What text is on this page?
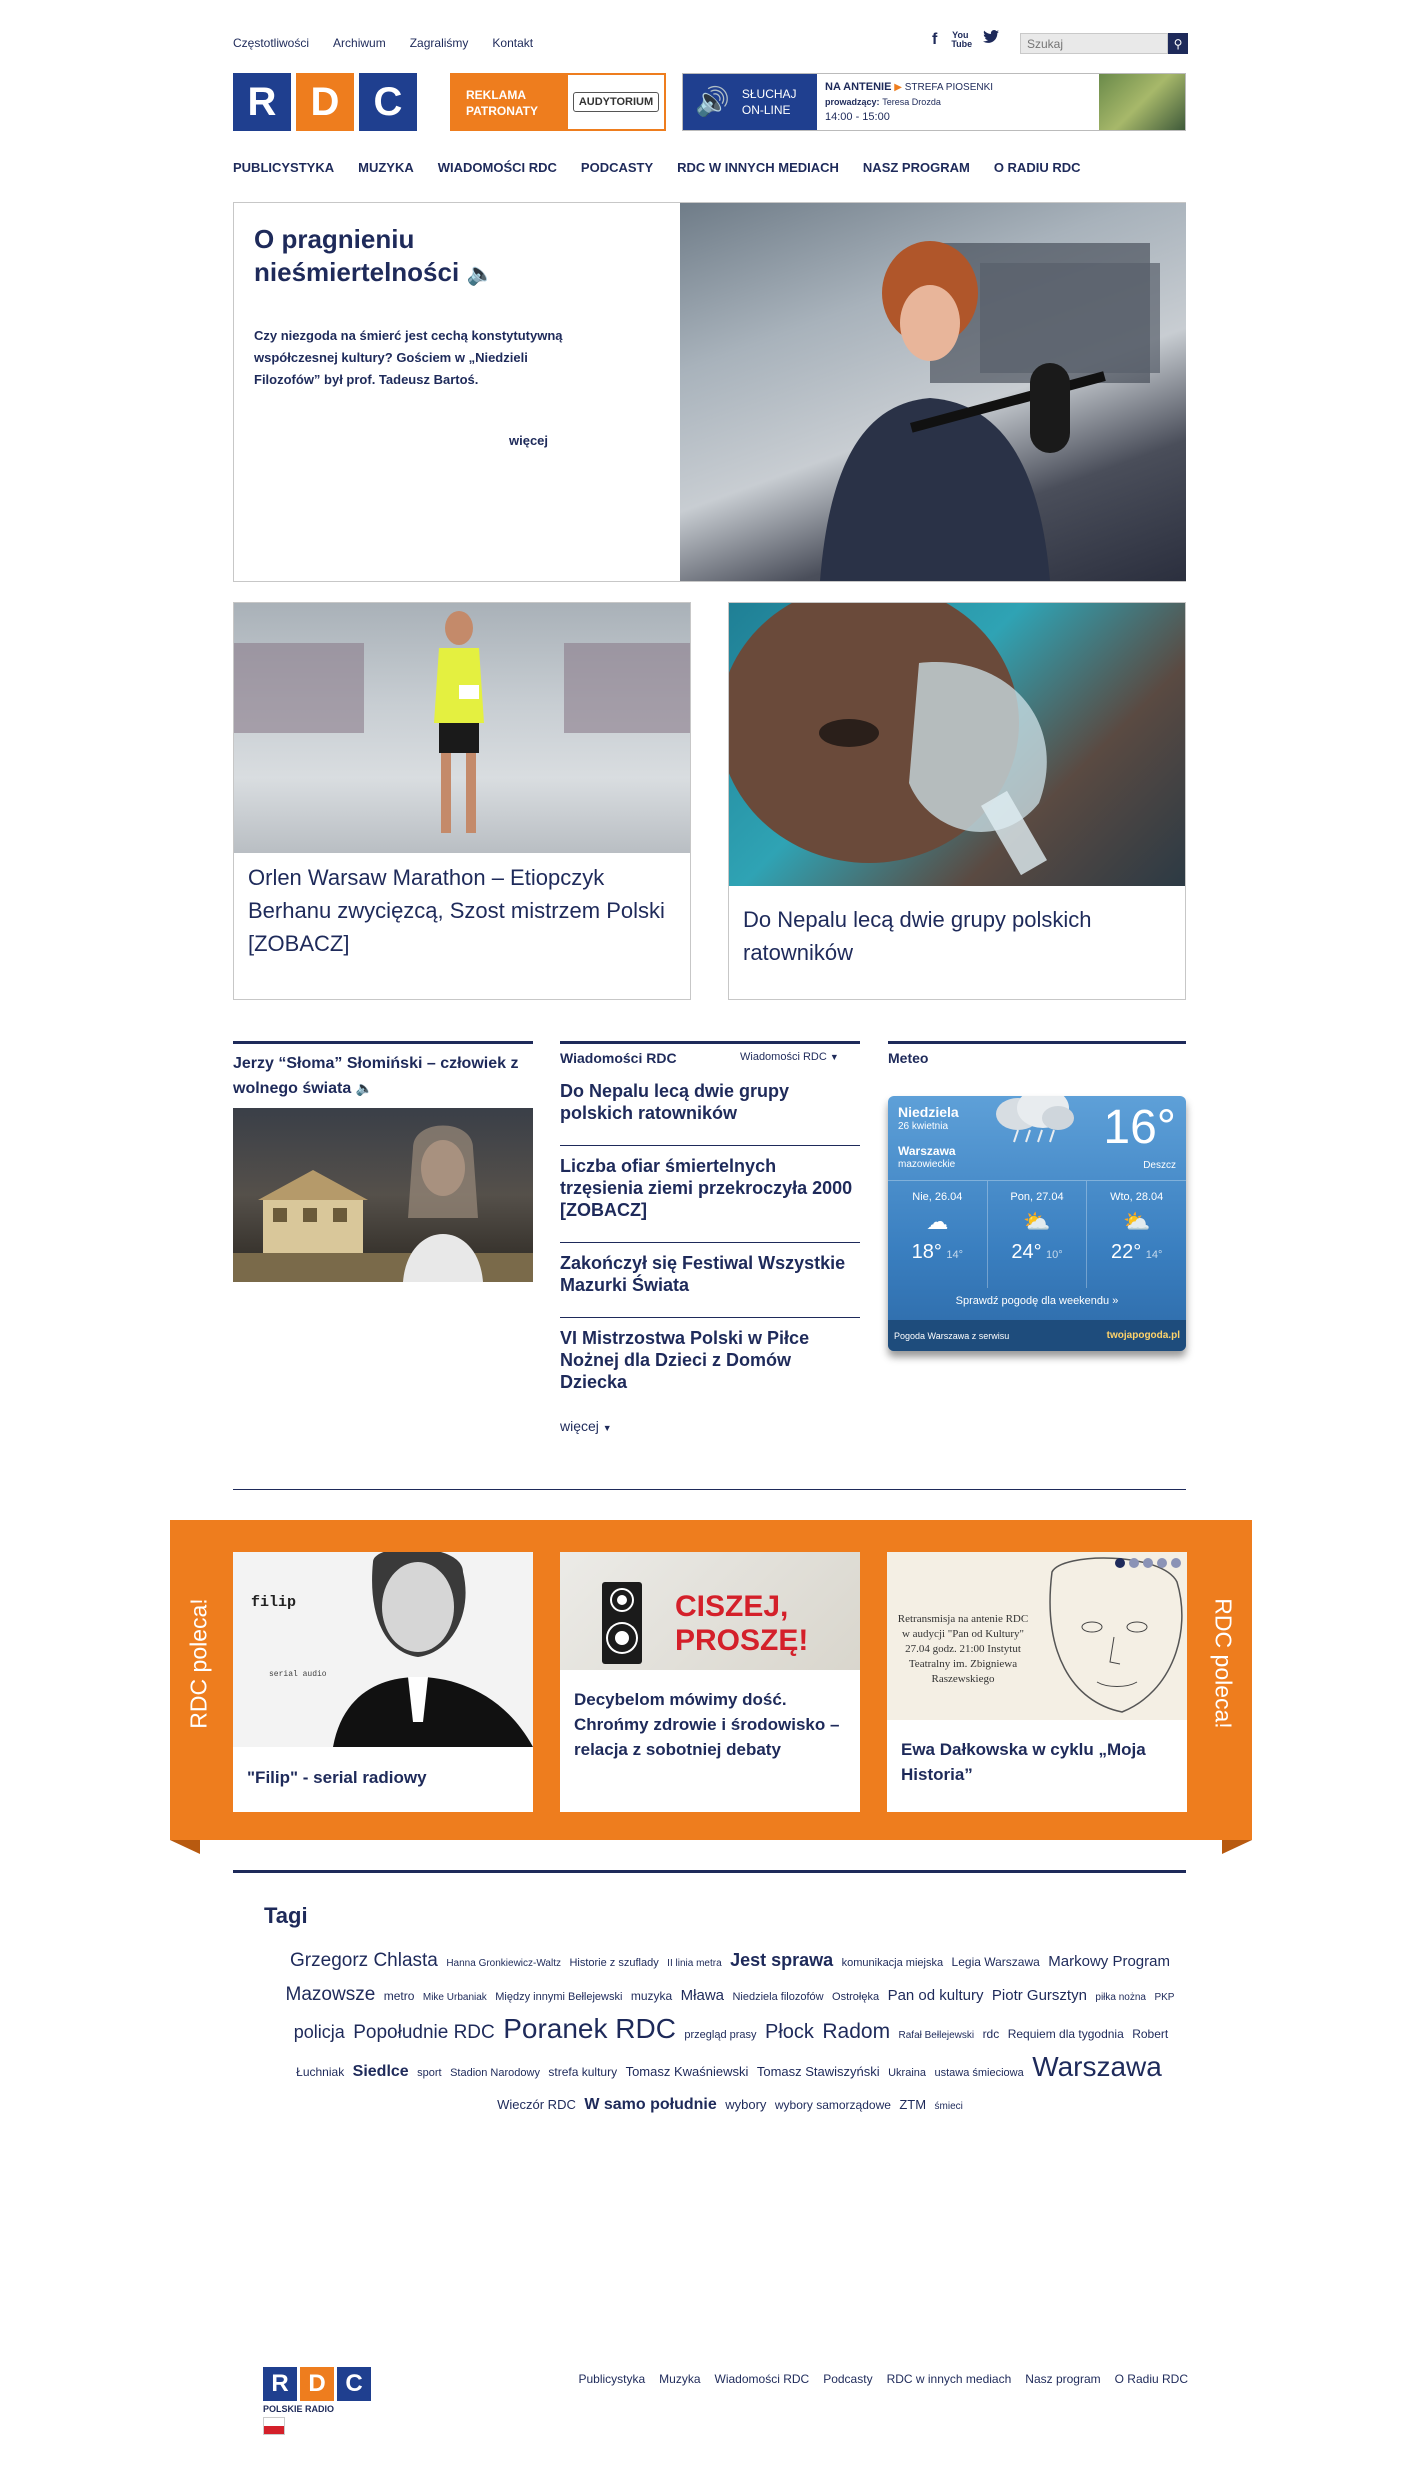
Częstotliwości Archiwum Zagraliśmy Kontakt	f You Tube
Szukaj	⚲
R D C	REKLAMA
PATRONATY
AUDYTORIUM 🔊 SŁUCHAJ
ON-LINE
NA ANTENIE ▶ STREFA PIOSENKI
prowadzący: Teresa Drozda
14:00 - 15:00
PUBLICYSTYKA MUZYKA WIADOMOŚCI RDC PODCASTY RDC W INNYCH MEDIACH NASZ PROGRAM O RADIU RDC
O pragnieniu nieśmiertelności 🔈

Czy niezgoda na śmierć jest cechą konstytutywną współczesnej kultury? Gościem w „Niedzieli Filozofów” był prof. Tadeusz Bartoś.

więcej
Orlen Warsaw Marathon – Etiopczyk Berhanu zwycięzcą, Szost mistrzem Polski [ZOBACZ]
Do Nepalu lecą dwie grupy polskich ratowników
Jerzy “Słoma” Słomiński – człowiek z wolnego świata 🔈
Wiadomości RDC	Wiadomości RDC ▼
Do Nepalu lecą dwie grupy polskich ratowników
Liczba ofiar śmiertelnych trzęsienia ziemi przekroczyła 2000 [ZOBACZ]
Zakończył się Festiwal Wszystkie Mazurki Świata
VI Mistrzostwa Polski w Piłce Nożnej dla Dzieci z Domów Dziecka
więcej ▼
Meteo
Niedziela
26 kwietnia
Warszawa
mazowieckie
16°
Deszcz
Nie, 26.04
☁
18° 14°
Pon, 27.04
⛅
24° 10°
Wto, 28.04
⛅
22° 14°
Sprawdź pogodę dla weekendu »
Pogoda Warszawa z serwisu	twojapogoda.pl
RDC poleca!	RDC poleca!
filip
serial audio
"Filip" - serial radiowy
CISZEJ, PROSZĘ!
Decybelom mówimy dość. Chrońmy zdrowie i środowisko – relacja z sobotniej debaty
Retransmisja na antenie RDC w audycji "Pan od Kultury" 27.04 godz. 21:00 Instytut Teatralny im. Zbigniewa Raszewskiego
Ewa Dałkowska w cyklu „Moja Historia”
Tagi
Grzegorz Chlasta Hanna Gronkiewicz-Waltz Historie z szuflady II linia metra Jest sprawa komunikacja miejska Legia Warszawa Markowy Program Mazowsze metro Mike Urbaniak Między innymi Bełlejewski muzyka Mława Niedziela filozofów Ostrołęka Pan od kultury Piotr Gursztyn piłka nożna PKP policja Popołudnie RDC Poranek RDC przegląd prasy Płock Radom Rafał Bełlejewski rdc Requiem dla tygodnia Robert Łuchniak Siedlce sport Stadion Narodowy strefa kultury Tomasz Kwaśniewski Tomasz Stawiszyński Ukraina ustawa śmieciowa Warszawa Wieczór RDC W samo południe wybory wybory samorządowe ZTM śmieci
R D C
POLSKIE RADIO
Publicystyka Muzyka Wiadomości RDC Podcasty RDC w innych mediach Nasz program O Radiu RDC
